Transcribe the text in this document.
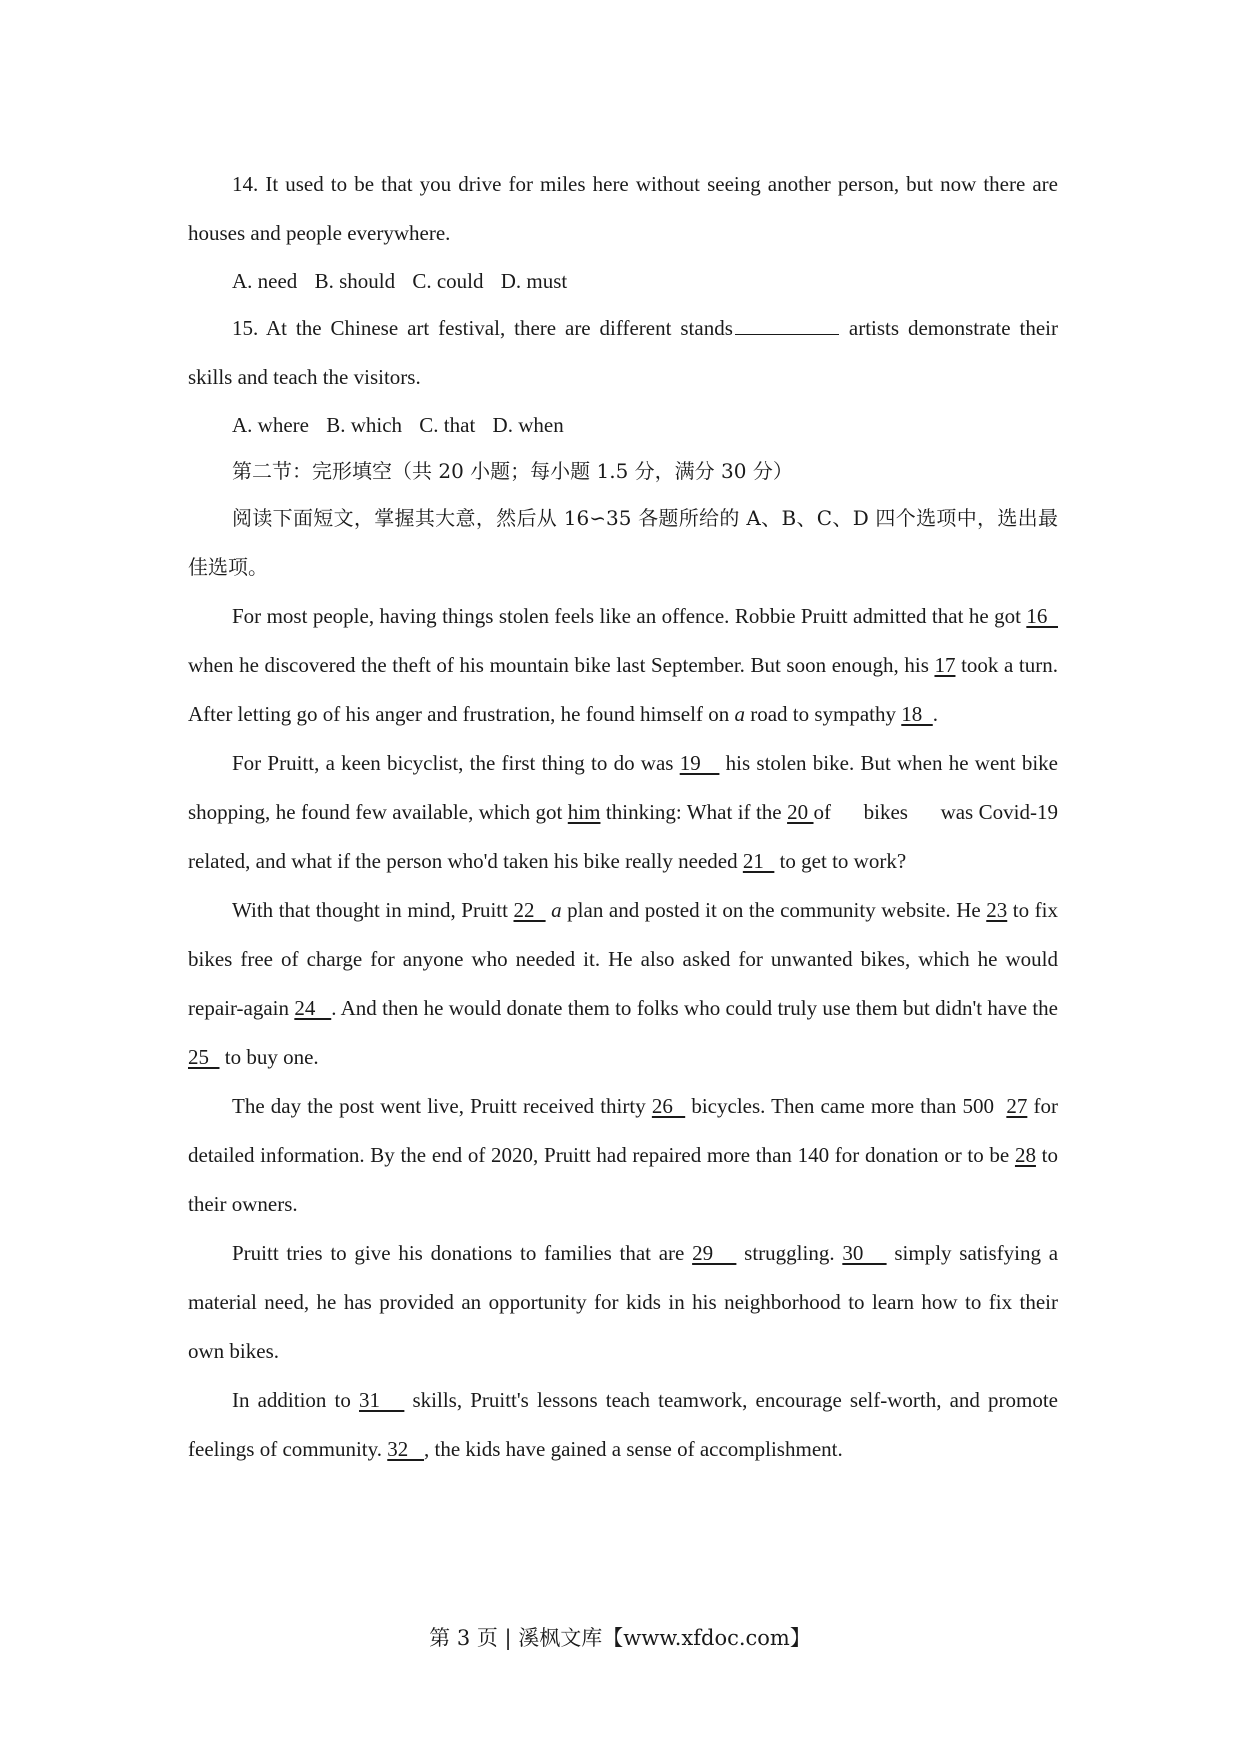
14. It used to be that you drive for miles here without seeing another person, but now there are houses and people everywhere.

A. need B. should C. could D. must

15. At the Chinese art festival, there are different stands	artists demonstrate their skills and teach the visitors.

A. where B. which C. that D. when

第二节：完形填空（共 20 小题；每小题 1.5 分，满分 30 分）

阅读下面短文，掌握其大意，然后从 16∽35 各题所给的 A、B、C、D 四个选项中，选出最佳选项。

For most people, having things stolen feels like an offence. Robbie Pruitt admitted that he got 16   when he discovered the theft of his mountain bike last September. But soon enough, his 17 took a turn. After letting go of his anger and frustration, he found himself on a road to sympathy 18  .

For Pruitt, a keen bicyclist, the first thing to do was 19    his stolen bike. But when he went bike shopping, he found few available, which got him thinking: What if the 20 of      bikes      was Covid-19 related, and what if the person who'd taken his bike really needed 21   to get to work?

With that thought in mind, Pruitt 22   a plan and posted it on the community website. He 23 to fix bikes free of charge for anyone who needed it. He also asked for unwanted bikes, which he would repair-again 24   . And then he would donate them to folks who could truly use them but didn't have the 25   to buy one.

The day the post went live, Pruitt received thirty 26   bicycles. Then came more than 500  27 for detailed information. By the end of 2020, Pruitt had repaired more than 140 for donation or to be 28 to their owners.

Pruitt tries to give his donations to families that are 29    struggling. 30    simply satisfying a material need, he has provided an opportunity for kids in his neighborhood to learn how to fix their own bikes.

In addition to 31    skills, Pruitt's lessons teach teamwork, encourage self-worth, and promote feelings of community. 32   , the kids have gained a sense of accomplishment.

第 3 页 | 溪枫文库【www.xfdoc.com】
